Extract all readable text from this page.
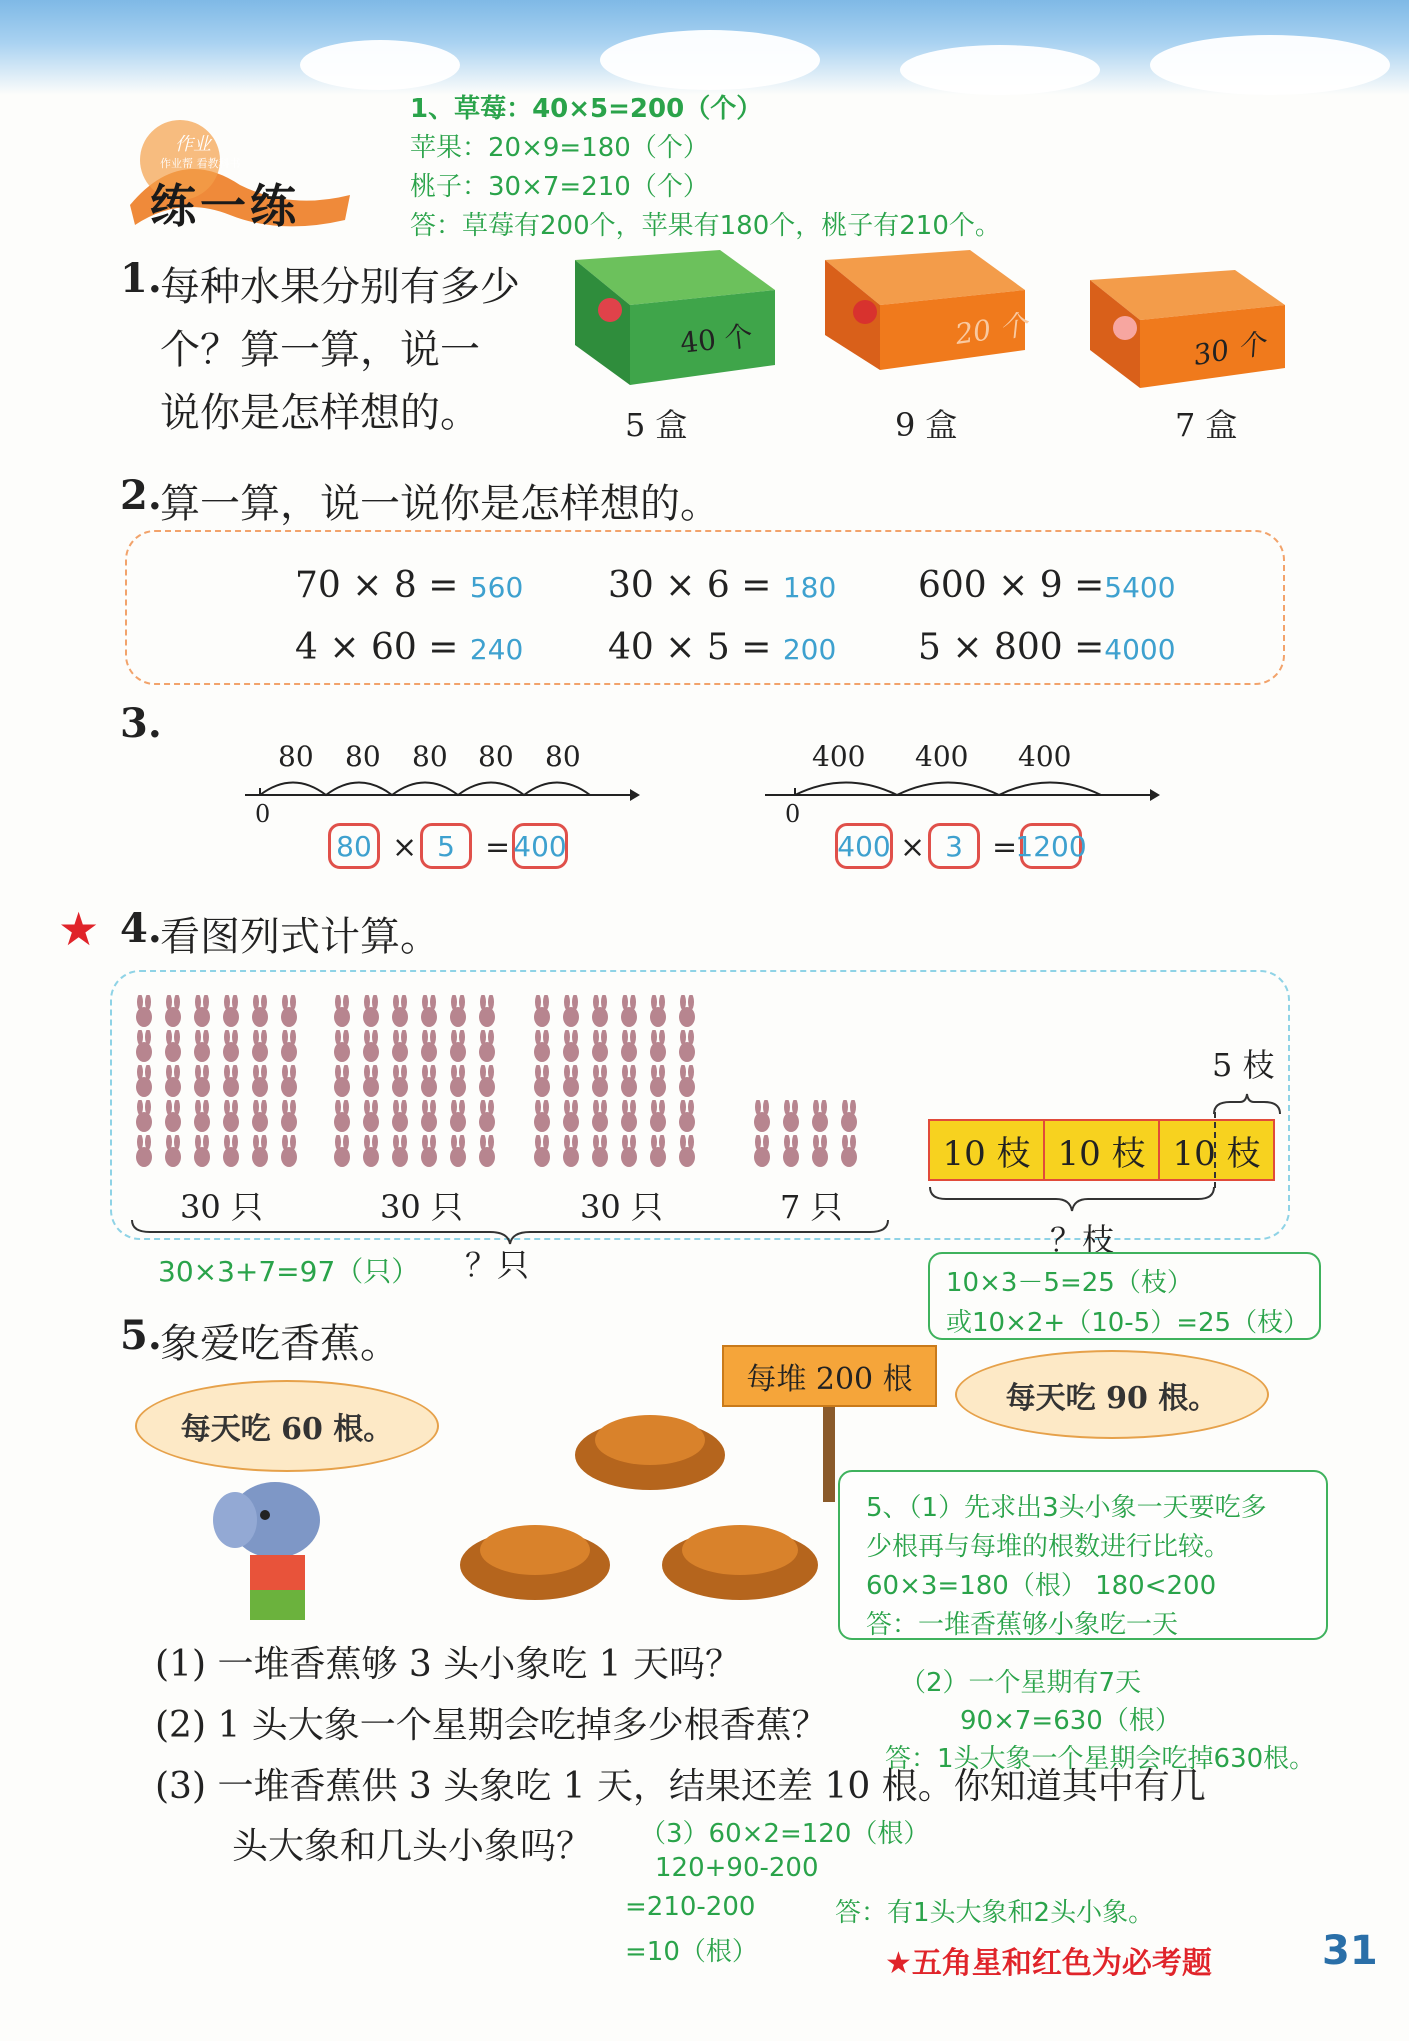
作业
作业帮 看教科书
练一练
1、草莓：40×5=200（个）
苹果：20×9=180（个）
桃子：30×7=210（个）
答：草莓有200个，苹果有180个，桃子有210个。
1.
每种水果分别有多少
个？算一算，说一
说你是怎样想的。
40 个
5 盒
20 个
9 盒
30 个
7 盒
2.
算一算，说一说你是怎样想的。
70 × 8 = 560 30 × 6 = 180 600 × 9 =5400
4 × 60 = 240 40 × 5 = 200 5 × 800 =4000
3.
80 80 80 80 80
0
80 × 5	= 400
400 400 400
0
400 × 3 =
1200
★ 4.
看图列式计算。
30 只	30 只	30 只	7 只
？只
30×3+7=97（只）
5 枝
10 枝 10 枝 10 枝
？枝
10×3－5=25（枝）
或10×2+（10-5）=25（枝）
5.
象爱吃香蕉。
每天吃 60 根。
每堆 200 根
每天吃 90 根。
5、（1）先求出3头小象一天要吃多
少根再与每堆的根数进行比较。
60×3=180（根） 180<200
答：一堆香蕉够小象吃一天
(1) 一堆香蕉够 3 头小象吃 1 天吗？
(2) 1 头大象一个星期会吃掉多少根香蕉？
(3) 一堆香蕉供 3 头象吃 1 天，结果还差 10 根。你知道其中有几
头大象和几头小象吗？
（2）一个星期有7天
90×7=630（根）
答：1头大象一个星期会吃掉630根。
（3）60×2=120（根）
120+90-200
=210-200
=10（根）
答：有1头大象和2头小象。
★五角星和红色为必考题	31
